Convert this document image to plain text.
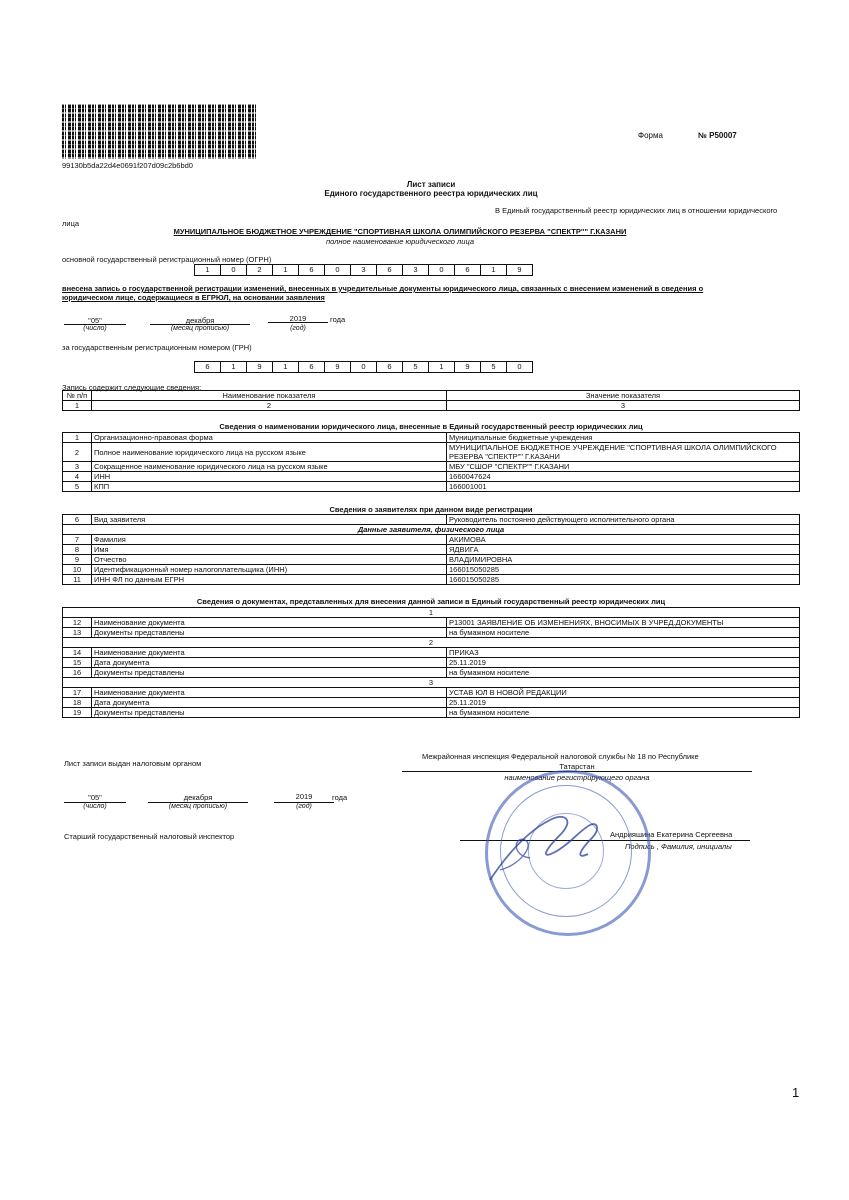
99130b5da22d4e0691f207d09c2b6bd0
Форма	№ Р50007
Лист записи
Единого государственного реестра юридических лиц
В Единый государственный реестр юридических лиц в отношении юридического
лица
МУНИЦИПАЛЬНОЕ БЮДЖЕТНОЕ УЧРЕЖДЕНИЕ "СПОРТИВНАЯ ШКОЛА ОЛИМПИЙСКОГО РЕЗЕРВА "СПЕКТР"" Г.КАЗАНИ
полное наименование юридического лица
основной государственный регистрационный номер (ОГРН)
1	0	2	1	6	0	3	6	3	0	6	1	9
внесена запись о государственной регистрации изменений, внесенных в учредительные документы юридического лица, связанных с внесением изменений в сведения о юридическом лице, содержащиеся в ЕГРЮЛ, на основании заявления
"05"	декабря	2019	года
(число)	(месяц прописью)	(год)
за государственным регистрационным номером (ГРН)
6	1	9	1	6	9	0	6	5	1	9	5	0
Запись содержит следующие сведения:
№ п/п	Наименование показателя	Значение показателя
1	2	3
Сведения о наименовании юридического лица, внесенные в Единый государственный реестр юридических лиц
1	Организационно-правовая форма	Муниципальные бюджетные учреждения
2	Полное наименование юридического лица на русском языке	МУНИЦИПАЛЬНОЕ БЮДЖЕТНОЕ УЧРЕЖДЕНИЕ "СПОРТИВНАЯ ШКОЛА ОЛИМПИЙСКОГО РЕЗЕРВА "СПЕКТР"" Г.КАЗАНИ
3	Сокращенное наименование юридического лица на русском языке	МБУ "СШОР "СПЕКТР"" Г.КАЗАНИ
4	ИНН	1660047624
5	КПП	166001001
Сведения о заявителях при данном виде регистрации
6	Вид заявителя	Руководитель постоянно действующего исполнительного органа
Данные заявителя, физического лица		
7	Фамилия	АКИМОВА
8	Имя	ЯДВИГА
9	Отчество	ВЛАДИМИРОВНА
10	Идентификационный номер налогоплательщика (ИНН)	166015050285
11	ИНН ФЛ по данным ЕГРН	166015050285
Сведения о документах, представленных для внесения данной записи в Единый государственный реестр юридических лиц
1		
12	Наименование документа	Р13001 ЗАЯВЛЕНИЕ ОБ ИЗМЕНЕНИЯХ, ВНОСИМЫХ В УЧРЕД.ДОКУМЕНТЫ
13	Документы представлены	на бумажном носителе
2		
14	Наименование документа	ПРИКАЗ
15	Дата документа	25.11.2019
16	Документы представлены	на бумажном носителе
3		
17	Наименование документа	УСТАВ ЮЛ В НОВОЙ РЕДАКЦИИ
18	Дата документа	25.11.2019
19	Документы представлены	на бумажном носителе
Лист записи выдан налоговым органом
Межрайонная инспекция Федеральной налоговой службы № 18 по Республике
Татарстан
наименование регистрирующего органа
"05"	декабря	2019	года
(число)	(месяц прописью)	(год)
Старший государственный налоговый инспектор	Андрияшина Екатерина Сергеевна
Подпись , Фамилия, инициалы
1
